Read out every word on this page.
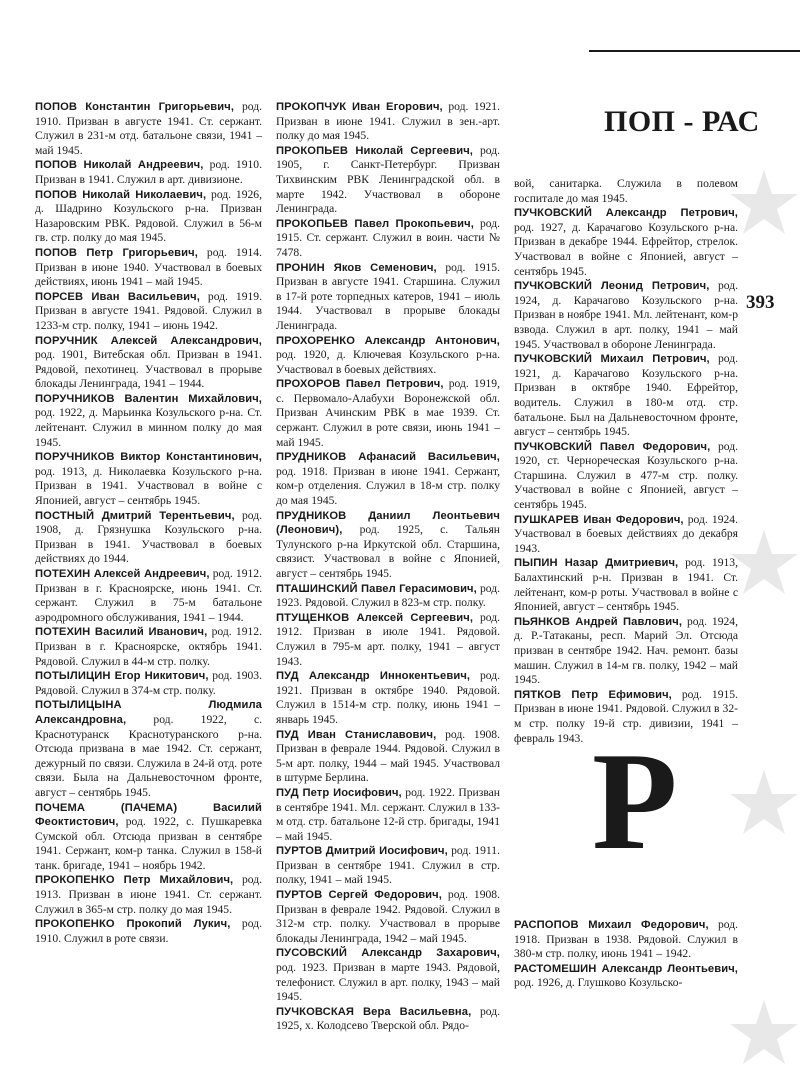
ПОП - РАС
393

ПОПОВ Константин Григорьевич, род. 1910. Призван в августе 1941. Ст. сержант. Служил в 231-м отд. батальоне связи, 1941 – май 1945.

ПОПОВ Николай Андреевич, род. 1910. Призван в 1941. Служил в арт. дивизионе.

ПОПОВ Николай Николаевич, род. 1926, д. Шадрино Козульского р-на. Призван Назаровским РВК. Рядовой. Служил в 56-м гв. стр. полку до мая 1945.

ПОПОВ Петр Григорьевич, род. 1914. Призван в июне 1940. Участвовал в боевых действиях, июнь 1941 – май 1945.

ПОРСЕВ Иван Васильевич, род. 1919. Призван в августе 1941. Рядовой. Служил в 1233-м стр. полку, 1941 – июнь 1942.

ПОРУЧНИК Алексей Александрович, род. 1901, Витебская обл. Призван в 1941. Рядовой, пехотинец. Участвовал в прорыве блокады Ленинграда, 1941 – 1944.

ПОРУЧНИКОВ Валентин Михайлович, род. 1922, д. Марьинка Козульского р-на. Ст. лейтенант. Служил в минном полку до мая 1945.

ПОРУЧНИКОВ Виктор Константинович, род. 1913, д. Николаевка Козульского р-на. Призван в 1941. Участвовал в войне с Японией, август – сентябрь 1945.

ПОСТНЫЙ Дмитрий Терентьевич, род. 1908, д. Грязнушка Козульского р-на. Призван в 1941. Участвовал в боевых действиях до 1944.

ПОТЕХИН Алексей Андреевич, род. 1912. Призван в г. Красноярске, июнь 1941. Ст. сержант. Служил в 75-м батальоне аэродромного обслуживания, 1941 – 1944.

ПОТЕХИН Василий Иванович, род. 1912. Призван в г. Красноярске, октябрь 1941. Рядовой. Служил в 44-м стр. полку.

ПОТЫЛИЦИН Егор Никитович, род. 1903. Рядовой. Служил в 374-м стр. полку.

ПОТЫЛИЦЫНА Людмила Александровна, род. 1922, с. Краснотуранск Краснотуранского р-на. Отсюда призвана в мае 1942. Ст. сержант, дежурный по связи. Служила в 24-й отд. роте связи. Была на Дальневосточном фронте, август – сентябрь 1945.

ПОЧЕМА (ПАЧЕМА) Василий Феоктистович, род. 1922, с. Пушкаревка Сумской обл. Отсюда призван в сентябре 1941. Сержант, ком-р танка. Служил в 158-й танк. бригаде, 1941 – ноябрь 1942.

ПРОКОПЕНКО Петр Михайлович, род. 1913. Призван в июне 1941. Ст. сержант. Служил в 365-м стр. полку до мая 1945.

ПРОКОПЕНКО Прокопий Лукич, род. 1910. Служил в роте связи.

ПРОКОПЧУК Иван Егорович, род. 1921. Призван в июне 1941. Служил в зен.-арт. полку до мая 1945.

ПРОКОПЬЕВ Николай Сергеевич, род. 1905, г. Санкт-Петербург. Призван Тихвинским РВК Ленинградской обл. в марте 1942. Участвовал в обороне Ленинграда.

ПРОКОПЬЕВ Павел Прокопьевич, род. 1915. Ст. сержант. Служил в воин. части № 7478.

ПРОНИН Яков Семенович, род. 1915. Призван в августе 1941. Старшина. Служил в 17-й роте торпедных катеров, 1941 – июль 1944. Участвовал в прорыве блокады Ленинграда.

ПРОХОРЕНКО Александр Антонович, род. 1920, д. Ключевая Козульского р-на. Участвовал в боевых действиях.

ПРОХОРОВ Павел Петрович, род. 1919, с. Первомало-Алабухи Воронежской обл. Призван Ачинским РВК в мае 1939. Ст. сержант. Служил в роте связи, июнь 1941 – май 1945.

ПРУДНИКОВ Афанасий Васильевич, род. 1918. Призван в июне 1941. Сержант, ком-р отделения. Служил в 18-м стр. полку до мая 1945.

ПРУДНИКОВ Даниил Леонтьевич (Леонович), род. 1925, с. Тальян Тулунского р-на Иркутской обл. Старшина, связист. Участвовал в войне с Японией, август – сентябрь 1945.

ПТАШИНСКИЙ Павел Герасимович, род. 1923. Рядовой. Служил в 823-м стр. полку.

ПТУЩЕНКОВ Алексей Сергеевич, род. 1912. Призван в июле 1941. Рядовой. Служил в 795-м арт. полку, 1941 – август 1943.

ПУД Александр Иннокентьевич, род. 1921. Призван в октябре 1940. Рядовой. Служил в 1514-м стр. полку, июнь 1941 – январь 1945.

ПУД Иван Станиславович, род. 1908. Призван в феврале 1944. Рядовой. Служил в 5-м арт. полку, 1944 – май 1945. Участвовал в штурме Берлина.

ПУД Петр Иосифович, род. 1922. Призван в сентябре 1941. Мл. сержант. Служил в 133-м отд. стр. батальоне 12-й стр. бригады, 1941 – май 1945.

ПУРТОВ Дмитрий Иосифович, род. 1911. Призван в сентябре 1941. Служил в стр. полку, 1941 – май 1945.

ПУРТОВ Сергей Федорович, род. 1908. Призван в феврале 1942. Рядовой. Служил в 312-м стр. полку. Участвовал в прорыве блокады Ленинграда, 1942 – май 1945.

ПУСОВСКИЙ Александр Захарович, род. 1923. Призван в марте 1943. Рядовой, телефонист. Служил в арт. полку, 1943 – май 1945.

ПУЧКОВСКАЯ Вера Васильевна, род. 1925, х. Колодсево Тверской обл. Рядо-

вой, санитарка. Служила в полевом госпитале до мая 1945.

ПУЧКОВСКИЙ Александр Петрович, род. 1927, д. Карачагово Козульского р-на. Призван в декабре 1944. Ефрейтор, стрелок. Участвовал в войне с Японией, август – сентябрь 1945.

ПУЧКОВСКИЙ Леонид Петрович, род. 1924, д. Карачагово Козульского р-на. Призван в ноябре 1941. Мл. лейтенант, ком-р взвода. Служил в арт. полку, 1941 – май 1945. Участвовал в обороне Ленинграда.

ПУЧКОВСКИЙ Михаил Петрович, род. 1921, д. Карачагово Козульского р-на. Призван в октябре 1940. Ефрейтор, водитель. Служил в 180-м отд. стр. батальоне. Был на Дальневосточном фронте, август – сентябрь 1945.

ПУЧКОВСКИЙ Павел Федорович, род. 1920, ст. Черноречеcкая Козульского р-на. Старшина. Служил в 477-м стр. полку. Участвовал в войне с Японией, август – сентябрь 1945.

ПУШКАРЕВ Иван Федорович, род. 1924. Участвовал в боевых действиях до декабря 1943.

ПЫПИН Назар Дмитриевич, род. 1913, Балахтинский р-н. Призван в 1941. Ст. лейтенант, ком-р роты. Участвовал в войне с Японией, август – сентябрь 1945.

ПЬЯНКОВ Андрей Павлович, род. 1924, д. Р.-Татаканы, респ. Марий Эл. Отсюда призван в сентябре 1942. Нач. ремонт. базы машин. Служил в 14-м гв. полку, 1942 – май 1945.

ПЯТКОВ Петр Ефимович, род. 1915. Призван в июне 1941. Рядовой. Служил в 32-м стр. полку 19-й стр. дивизии, 1941 – февраль 1943.

РАСПОПОВ Михаил Федорович, род. 1918. Призван в 1938. Рядовой. Служил в 380-м стр. полку, июнь 1941 – 1942.

РАСТОМЕШИН Александр Леонтьевич, род. 1926, д. Глушково Козульско-

Р
